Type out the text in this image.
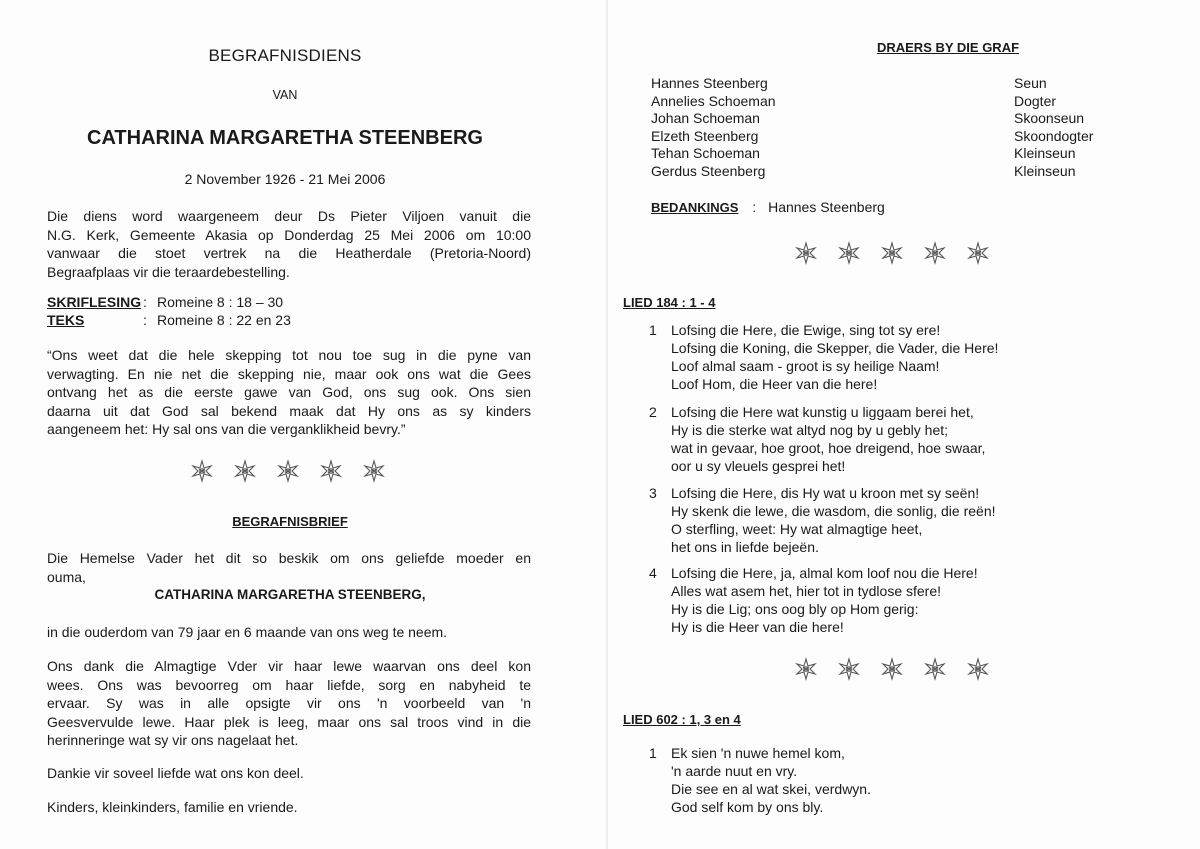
BEGRAFNISDIENS
VAN
CATHARINA MARGARETHA STEENBERG
2 November 1926 - 21 Mei 2006
Die diens word waargeneem deur Ds Pieter Viljoen vanuit die
N.G. Kerk, Gemeente Akasia op Donderdag 25 Mei 2006 om 10:00
vanwaar die stoet vertrek na die Heatherdale (Pretoria-Noord)
Begraafplaas vir die teraardebestelling.
SKRIFLESING : Romeine 8 : 18 – 30
TEKS	: Romeine 8 : 22 en 23
“Ons weet dat die hele skepping tot nou toe sug in die pyne van
verwagting. En nie net die skepping nie, maar ook ons wat die Gees
ontvang het as die eerste gawe van God, ons sug ook. Ons sien
daarna uit dat God sal bekend maak dat Hy ons as sy kinders
aangeneem het: Hy sal ons van die verganklikheid bevry.”
BEGRAFNISBRIEF
Die Hemelse Vader het dit so beskik om ons geliefde moeder en
ouma,
CATHARINA MARGARETHA STEENBERG,
in die ouderdom van 79 jaar en 6 maande van ons weg te neem.
Ons dank die Almagtige Vder vir haar lewe waarvan ons deel kon
wees. Ons was bevoorreg om haar liefde, sorg en nabyheid te
ervaar. Sy was in alle opsigte vir ons 'n voorbeeld van 'n
Geesvervulde lewe. Haar plek is leeg, maar ons sal troos vind in die
herinneringe wat sy vir ons nagelaat het.
Dankie vir soveel liefde wat ons kon deel.
Kinders, kleinkinders, familie en vriende.
DRAERS BY DIE GRAF
Hannes Steenberg	Seun
Annelies Schoeman	Dogter
Johan Schoeman	Skoonseun
Elzeth Steenberg	Skoondogter
Tehan Schoeman	Kleinseun
Gerdus Steenberg	Kleinseun
BEDANKINGS : Hannes Steenberg
LIED 184 : 1 - 4
1 Lofsing die Here, die Ewige, sing tot sy ere!
Lofsing die Koning, die Skepper, die Vader, die Here!
Loof almal saam - groot is sy heilige Naam!
Loof Hom, die Heer van die here!
2 Lofsing die Here wat kunstig u liggaam berei het,
Hy is die sterke wat altyd nog by u gebly het;
wat in gevaar, hoe groot, hoe dreigend, hoe swaar,
oor u sy vleuels gesprei het!
3 Lofsing die Here, dis Hy wat u kroon met sy seën!
Hy skenk die lewe, die wasdom, die sonlig, die reën!
O sterfling, weet: Hy wat almagtige heet,
het ons in liefde bejeën.
4 Lofsing die Here, ja, almal kom loof nou die Here!
Alles wat asem het, hier tot in tydlose sfere!
Hy is die Lig; ons oog bly op Hom gerig:
Hy is die Heer van die here!
LIED 602 : 1, 3 en 4
1 Ek sien 'n nuwe hemel kom,
'n aarde nuut en vry.
Die see en al wat skei, verdwyn.
God self kom by ons bly.
